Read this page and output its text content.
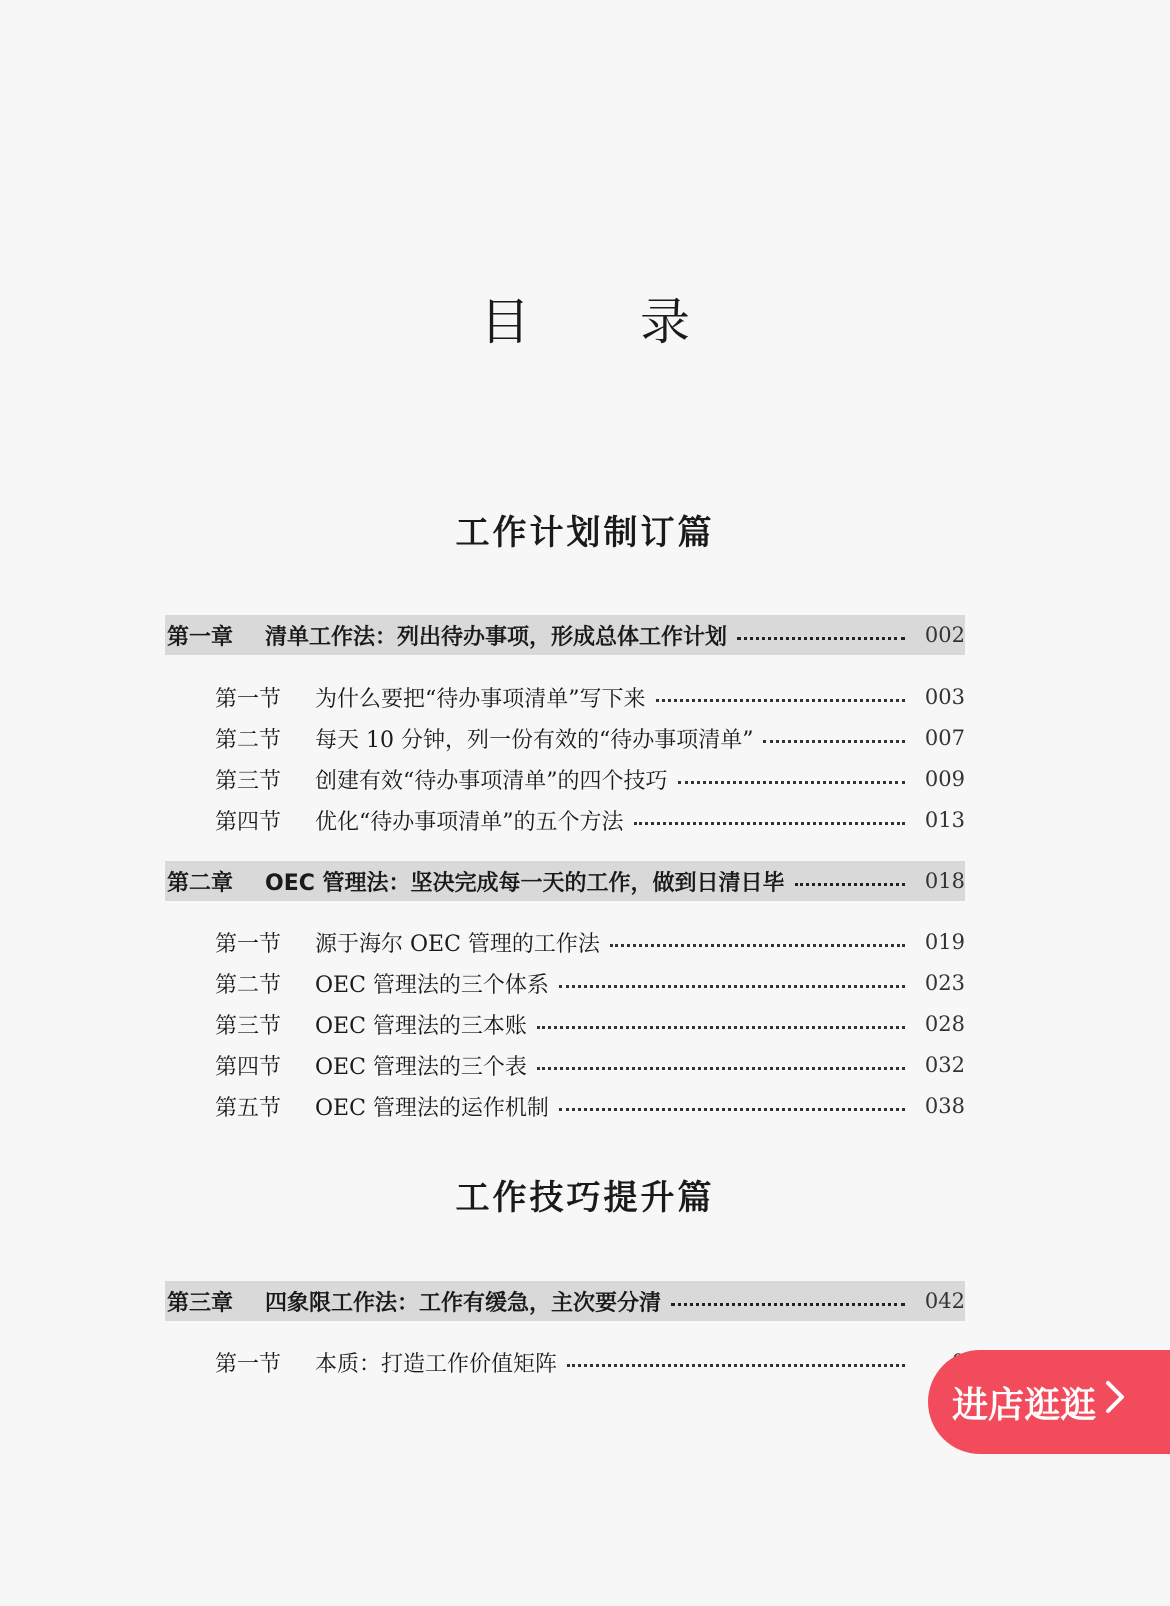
目 录
工作计划制订篇
第一章	清单工作法：列出待办事项，形成总体工作计划	002
第一节	为什么要把“待办事项清单”写下来	003
第二节	每天 10 分钟，列一份有效的“待办事项清单”	007
第三节	创建有效“待办事项清单”的四个技巧	009
第四节	优化“待办事项清单”的五个方法	013
第二章	OEC 管理法：坚决完成每一天的工作，做到日清日毕	018
第一节	源于海尔 OEC 管理的工作法	019
第二节	OEC 管理法的三个体系	023
第三节	OEC 管理法的三本账	028
第四节	OEC 管理法的三个表	032
第五节	OEC 管理法的运作机制	038
工作技巧提升篇
第三章	四象限工作法：工作有缓急，主次要分清	042
第一节	本质：打造工作价值矩阵
进店逛逛
